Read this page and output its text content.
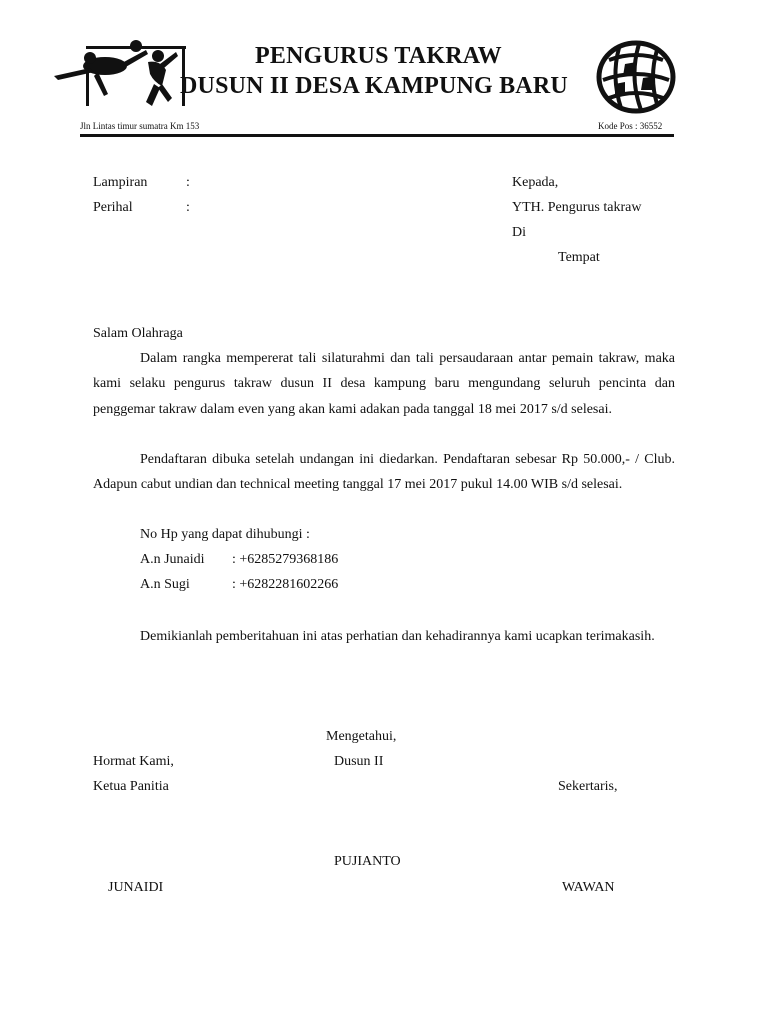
PENGURUS TAKRAW
DUSUN II DESA KAMPUNG BARU
Jln Lintas timur sumatra Km 153	Kode Pos : 36552
Lampiran	:
Perihal	:
Kepada,
YTH. Pengurus takraw
Di
Tempat
Salam Olahraga
Dalam rangka mempererat tali silaturahmi dan tali persaudaraan antar pemain takraw, maka kami selaku pengurus takraw dusun II desa kampung baru mengundang seluruh pencinta dan penggemar takraw dalam even yang akan kami adakan pada tanggal 18 mei 2017 s/d selesai.
Pendaftaran dibuka setelah undangan ini diedarkan. Pendaftaran sebesar Rp 50.000,- / Club. Adapun cabut undian dan technical meeting tanggal 17 mei 2017 pukul 14.00 WIB s/d selesai.
No Hp yang dapat dihubungi :
A.n Junaidi : +6285279368186
A.n Sugi	: +6282281602266
Demikianlah pemberitahuan ini atas perhatian dan kehadirannya kami ucapkan terimakasih.
Mengetahui,
Dusun II
Hormat Kami,
Ketua Panitia	Sekertaris,
PUJIANTO
JUNAIDI	WAWAN
